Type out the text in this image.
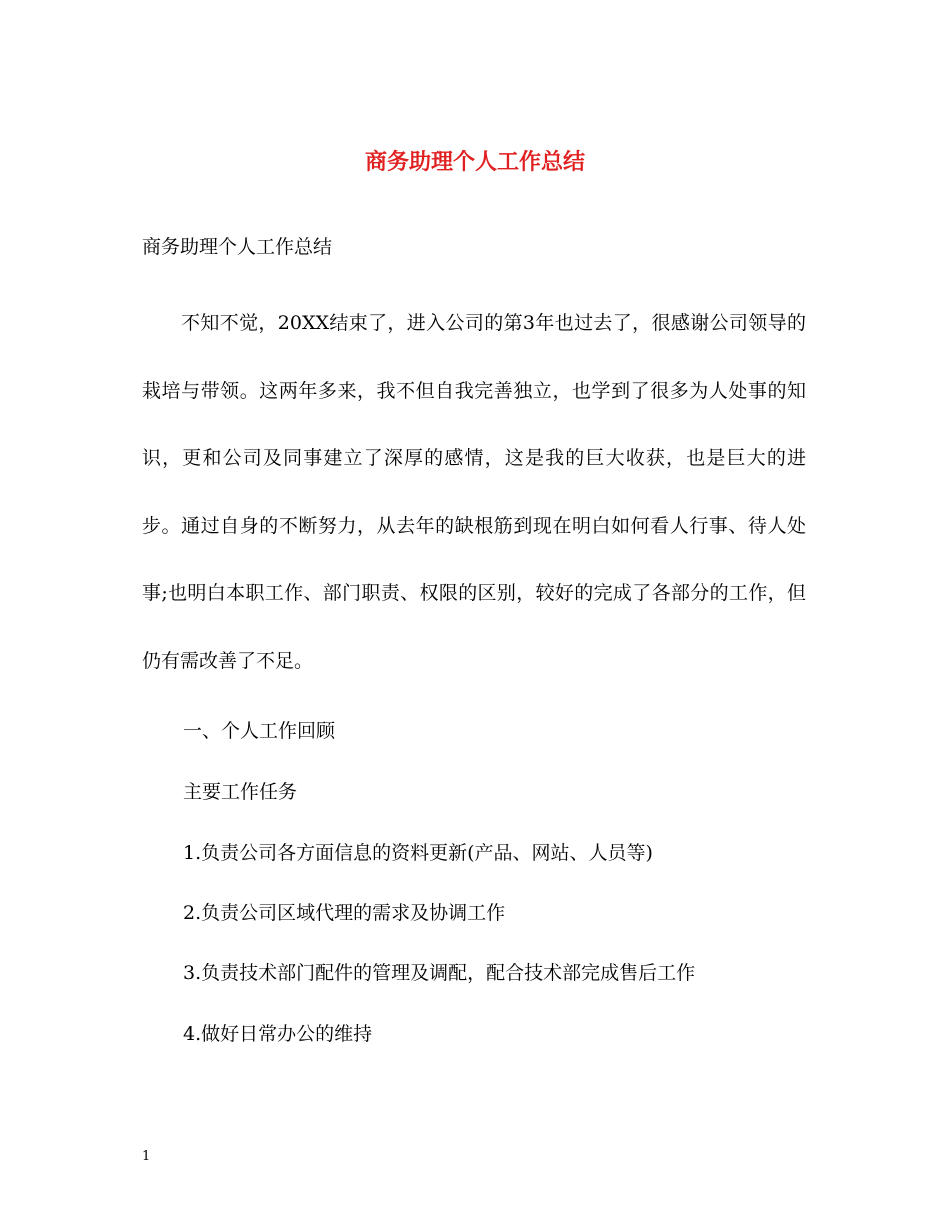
商务助理个人工作总结

商务助理个人工作总结

不知不觉，20XX结束了，进入公司的第3年也过去了，很感谢公司领导的栽培与带领。这两年多来，我不但自我完善独立，也学到了很多为人处事的知识，更和公司及同事建立了深厚的感情，这是我的巨大收获，也是巨大的进步。通过自身的不断努力，从去年的缺根筋到现在明白如何看人行事、待人处事;也明白本职工作、部门职责、权限的区别，较好的完成了各部分的工作，但仍有需改善了不足。

一、个人工作回顾

主要工作任务

1.负责公司各方面信息的资料更新(产品、网站、人员等)

2.负责公司区域代理的需求及协调工作

3.负责技术部门配件的管理及调配，配合技术部完成售后工作

4.做好日常办公的维持

1
